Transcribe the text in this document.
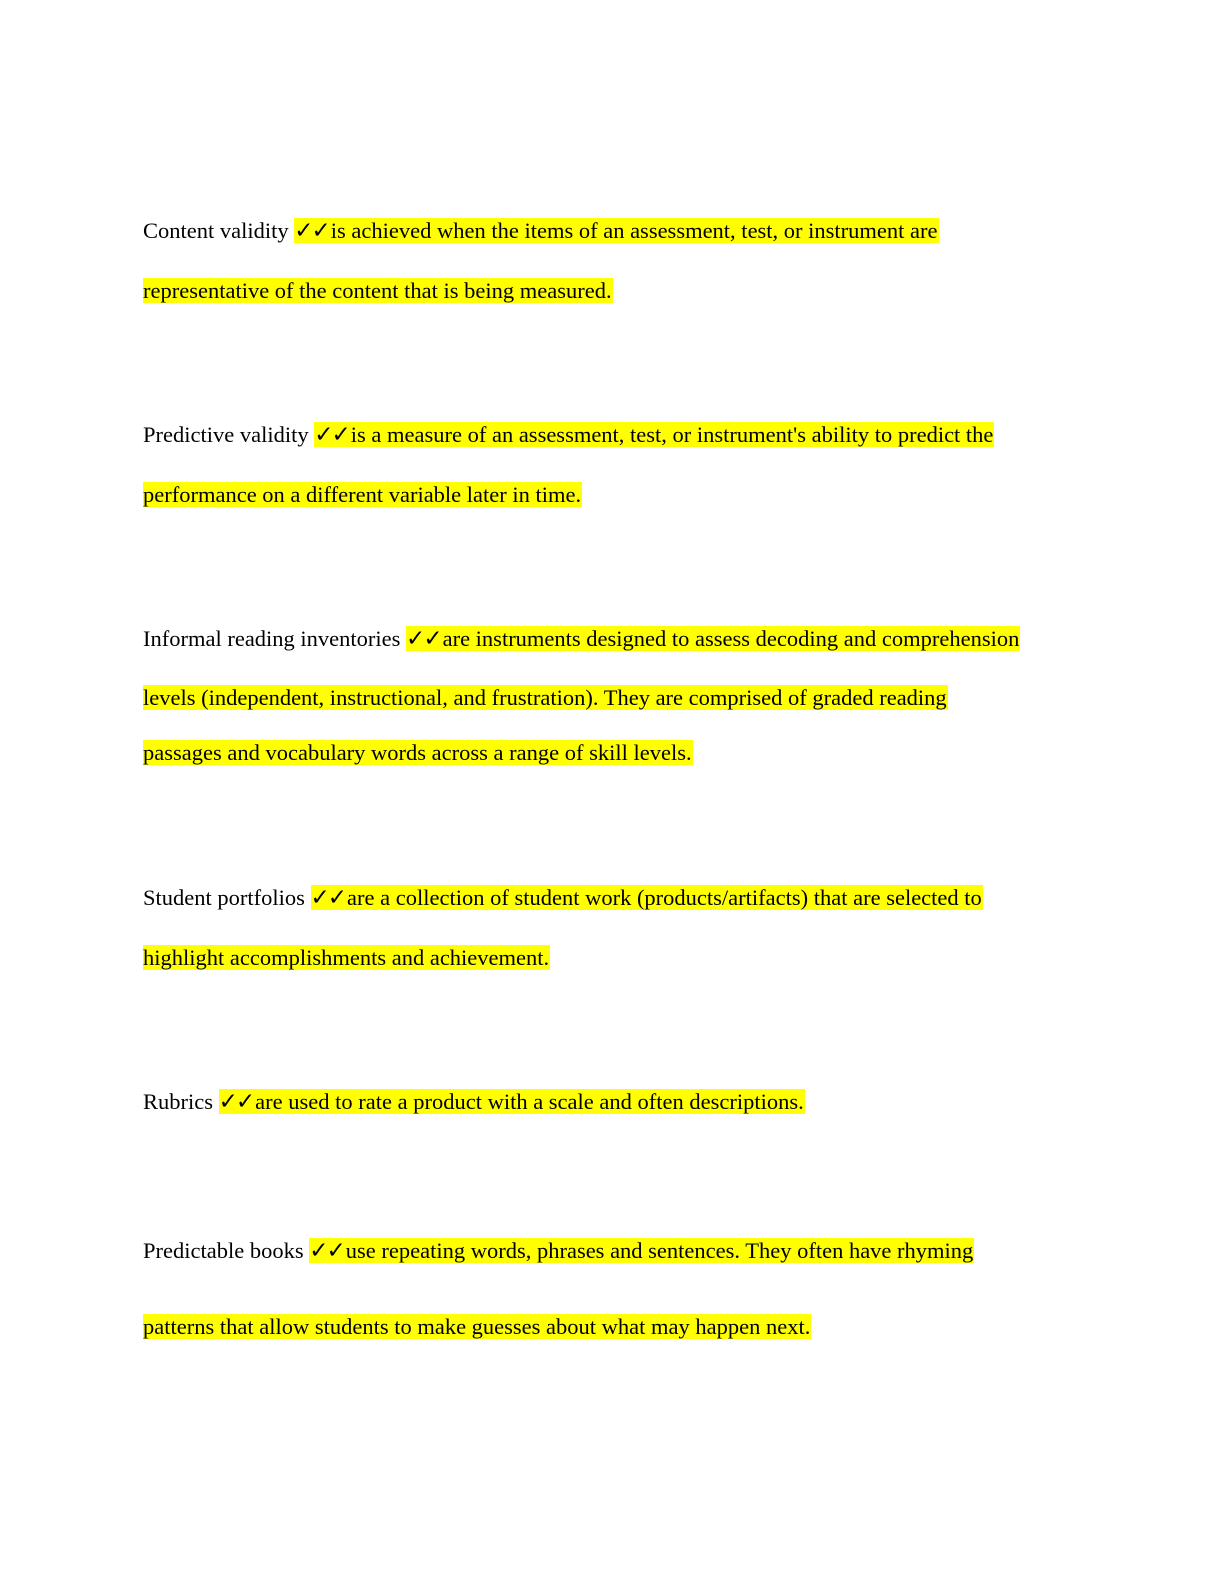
Content validity ✓✓is achieved when the items of an assessment, test, or instrument are
representative of the content that is being measured.
Predictive validity ✓✓is a measure of an assessment, test, or instrument's ability to predict the
performance on a different variable later in time.
Informal reading inventories ✓✓are instruments designed to assess decoding and comprehension
levels (independent, instructional, and frustration). They are comprised of graded reading
passages and vocabulary words across a range of skill levels.
Student portfolios ✓✓are a collection of student work (products/artifacts) that are selected to
highlight accomplishments and achievement.
Rubrics ✓✓are used to rate a product with a scale and often descriptions.
Predictable books ✓✓use repeating words, phrases and sentences. They often have rhyming
patterns that allow students to make guesses about what may happen next.
